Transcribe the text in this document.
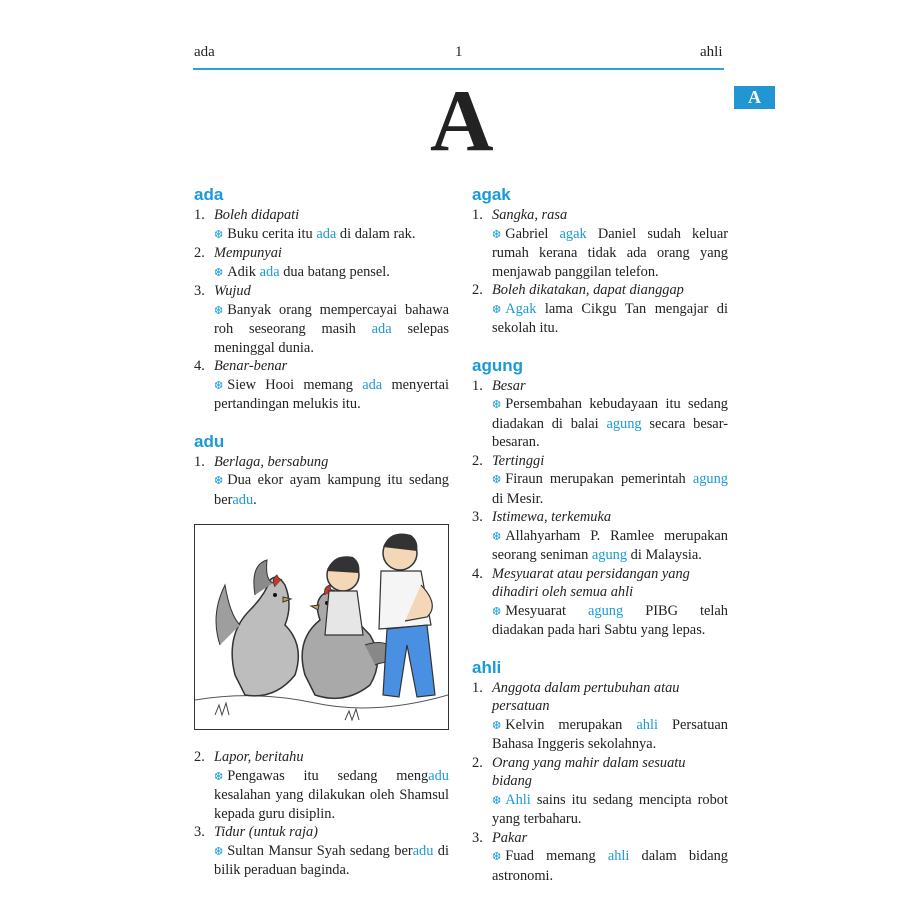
ada	1	ahli
A
A
ada
1. Boleh didapati
❆ Buku cerita itu ada di dalam rak.
2. Mempunyai
❆ Adik ada dua batang pensel.
3. Wujud
❆ Banyak orang mempercayai bahawa roh seseorang masih ada selepas meninggal dunia.
4. Benar-benar
❆ Siew Hooi memang ada menyertai pertandingan melukis itu.
adu
1. Berlaga, bersabung
❆ Dua ekor ayam kampung itu sedang beradu.
2. Lapor, beritahu
❆ Pengawas itu sedang mengadu kesalahan yang dilakukan oleh Shamsul kepada guru disiplin.
3. Tidur (untuk raja)
❆ Sultan Mansur Syah sedang beradu di bilik peraduan baginda.
agak
1. Sangka, rasa
❆ Gabriel agak Daniel sudah keluar rumah kerana tidak ada orang yang menjawab panggilan telefon.
2. Boleh dikatakan, dapat dianggap
❆ Agak lama Cikgu Tan mengajar di sekolah itu.
agung
1. Besar
❆ Persembahan kebudayaan itu sedang diadakan di balai agung secara besar-besaran.
2. Tertinggi
❆ Firaun merupakan pemerintah agung di Mesir.
3. Istimewa, terkemuka
❆ Allahyarham P. Ramlee merupakan seorang seniman agung di Malaysia.
4. Mesyuarat atau persidangan yang dihadiri oleh semua ahli
❆ Mesyuarat agung PIBG telah diadakan pada hari Sabtu yang lepas.
ahli
1. Anggota dalam pertubuhan atau persatuan
❆ Kelvin merupakan ahli Persatuan Bahasa Inggeris sekolahnya.
2. Orang yang mahir dalam sesuatu bidang
❆ Ahli sains itu sedang mencipta robot yang terbaharu.
3. Pakar
❆ Fuad memang ahli dalam bidang astronomi.
